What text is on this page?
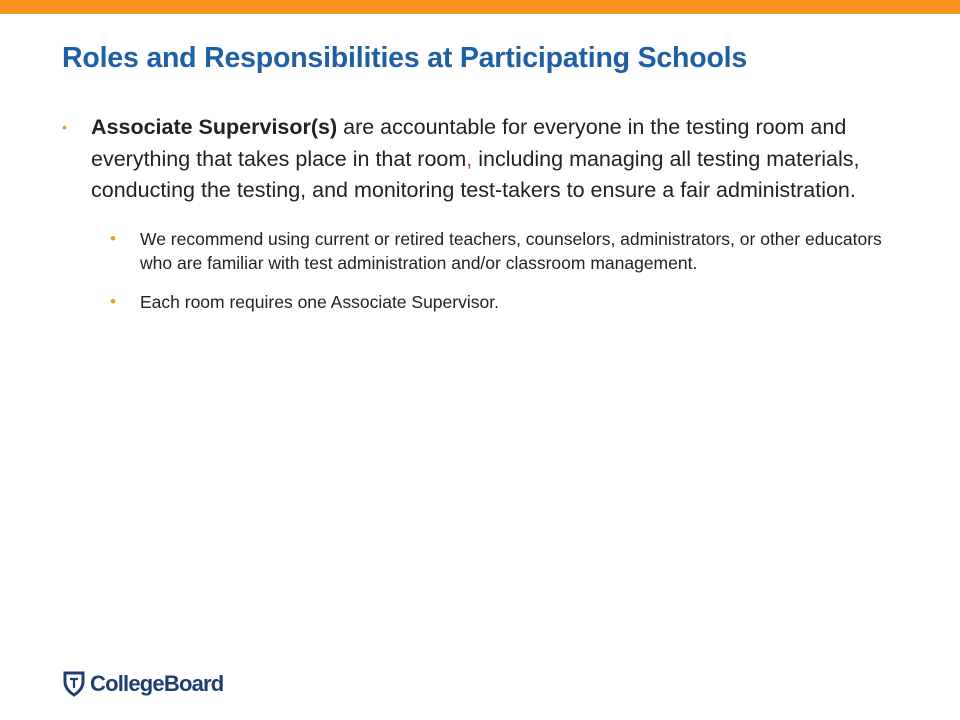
Roles and Responsibilities at Participating Schools
• Associate Supervisor(s) are accountable for everyone in the testing room and everything that takes place in that room, including managing all testing materials, conducting the testing, and monitoring test-takers to ensure a fair administration.
• We recommend using current or retired teachers, counselors, administrators, or other educators who are familiar with test administration and/or classroom management.
• Each room requires one Associate Supervisor.
CollegeBoard
